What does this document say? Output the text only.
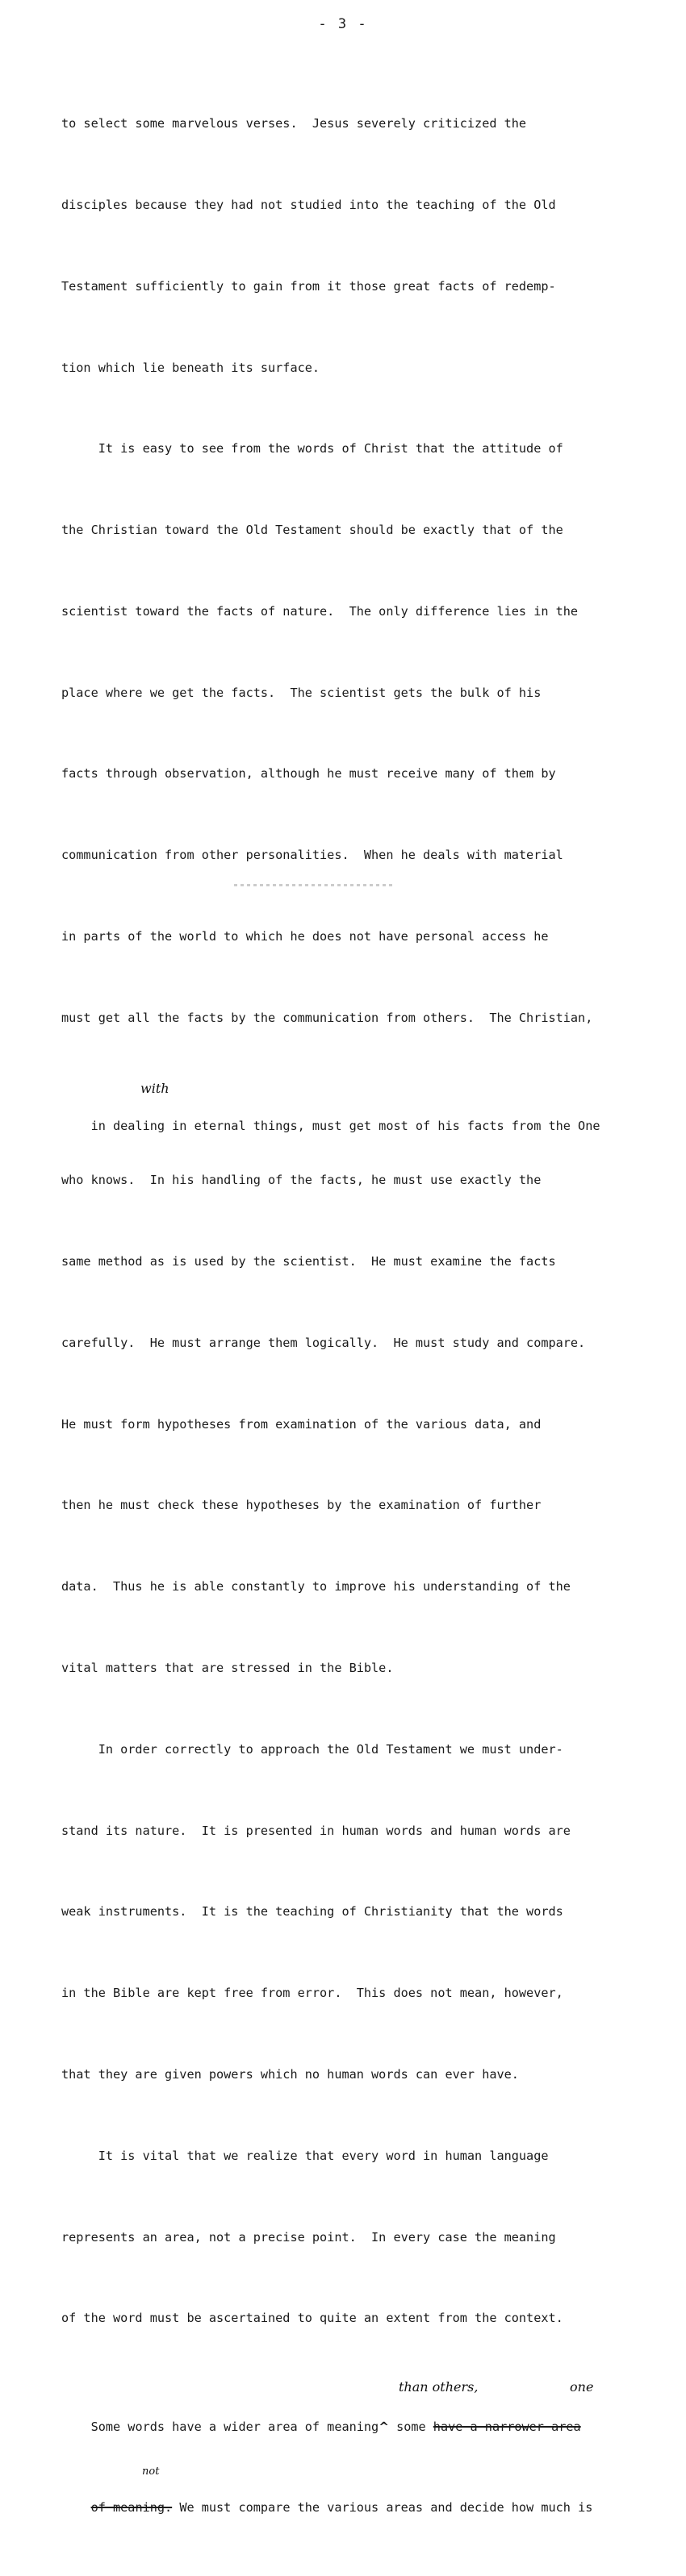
- 3 -

to select some marvelous verses.  Jesus severely criticized the

disciples because they had not studied into the teaching of the Old

Testament sufficiently to gain from it those great facts of redemp-

tion which lie beneath its surface.

It is easy to see from the words of Christ that the attitude of

the Christian toward the Old Testament should be exactly that of the

scientist toward the facts of nature.  The only difference lies in the

place where we get the facts.  The scientist gets the bulk of his

facts through observation, although he must receive many of them by

communication from other personalities.  When he deals with material

in parts of the world to which he does not have personal access he

must get all the facts by the communication from others.  The Christian,

in dealing in eternal things, must get most of his facts from the One

with

who knows.  In his handling of the facts, he must use exactly the

same method as is used by the scientist.  He must examine the facts

carefully.  He must arrange them logically.  He must study and compare.

He must form hypotheses from examination of the various data, and

then he must check these hypotheses by the examination of further

data.  Thus he is able constantly to improve his understanding of the

vital matters that are stressed in the Bible.

In order correctly to approach the Old Testament we must under-

stand its nature.  It is presented in human words and human words are

weak instruments.  It is the teaching of Christianity that the words

in the Bible are kept free from error.  This does not mean, however,

that they are given powers which no human words can ever have.

It is vital that we realize that every word in human language

represents an area, not a precise point.  In every case the meaning

of the word must be ascertained to quite an extent from the context.

Some words have a wider area of meaning^ some have a narrower area

than others,

	one

of meaning. We must compare the various areas and decide how much is

not
